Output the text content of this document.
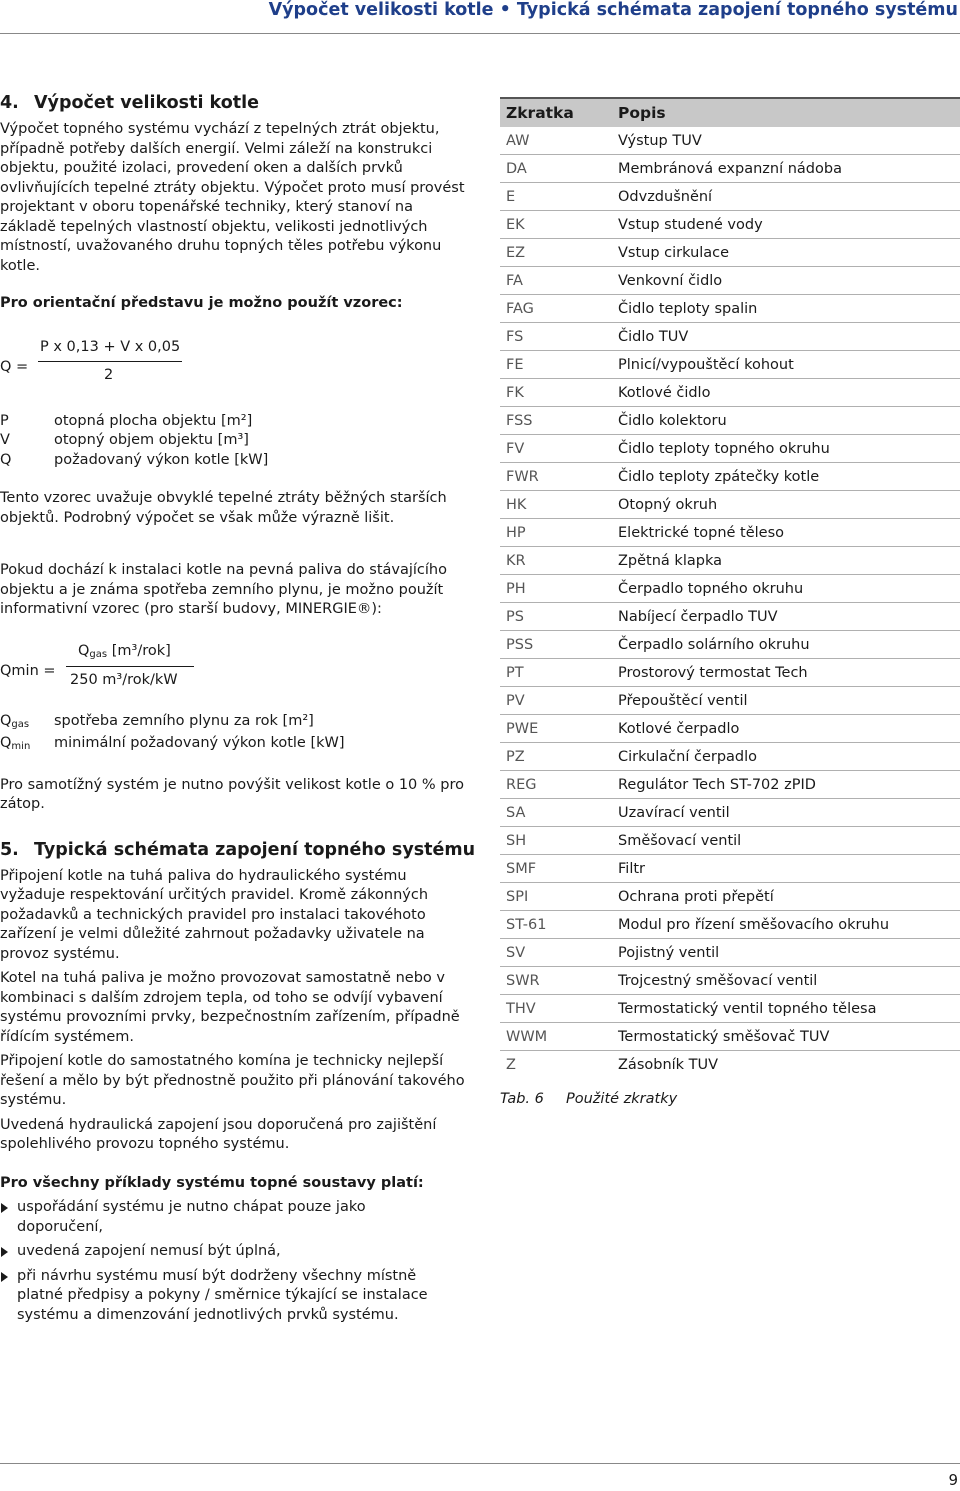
Výpočet velikosti kotle • Typická schémata zapojení topného systému
4. Výpočet velikosti kotle

Výpočet topného systému vychází z tepelných ztrát objektu, případně potřeby dalších energií. Velmi záleží na konstrukci objektu, použité izolaci, provedení oken a dalších prvků ovlivňujících tepelné ztráty objektu. Výpočet proto musí provést projektant v oboru topenářské techniky, který stanoví na základě tepelných vlastností objektu, velikosti jednotlivých místností, uvažovaného druhu topných těles potřebu výkonu kotle.

Pro orientační představu je možno použít vzorec:

Q =
P x 0,13 + V x 0,05
2
P	otopná plocha objektu [m²]
V	otopný objem objektu [m³]
Q	požadovaný výkon kotle [kW]

Tento vzorec uvažuje obvyklé tepelné ztráty běžných starších objektů. Podrobný výpočet se však může výrazně lišit.

Pokud dochází k instalaci kotle na pevná paliva do stávajícího objektu a je známa spotřeba zemního plynu, je možno použít informativní vzorec (pro starší budovy, MINERGIE®):

Qmin =
$Q_{gas}$ [m³/rok]
250 m³/rok/kW
$Q_{gas}$	spotřeba zemního plynu za rok [m²]
$Q_{min}$	minimální požadovaný výkon kotle [kW]

Pro samotížný systém je nutno povýšit velikost kotle o 10 % pro zátop.

5. Typická schémata zapojení topného systému

Připojení kotle na tuhá paliva do hydraulického systému vyžaduje respektování určitých pravidel. Kromě zákonných požadavků a technických pravidel pro instalaci takovéhoto zařízení je velmi důležité zahrnout požadavky uživatele na provoz systému.

Kotel na tuhá paliva je možno provozovat samostatně nebo v kombinaci s dalším zdrojem tepla, od toho se odvíjí vybavení systému provozními prvky, bezpečnostním zařízením, případně řídícím systémem.

Připojení kotle do samostatného komína je technicky nejlepší řešení a mělo by být přednostně použito při plánování takového systému.

Uvedená hydraulická zapojení jsou doporučená pro zajištění spolehlivého provozu topného systému.

Pro všechny příklady systému topné soustavy platí:

uspořádání systému je nutno chápat pouze jako doporučení,
uvedená zapojení nemusí být úplná,
při návrhu systému musí být dodrženy všechny místně platné předpisy a pokyny / směrnice týkající se instalace systému a dimenzování jednotlivých prvků systému.
Zkratka	Popis
AW	Výstup TUV
DA	Membránová expanzní nádoba
E	Odvzdušnění
EK	Vstup studené vody
EZ	Vstup cirkulace
FA	Venkovní čidlo
FAG	Čidlo teploty spalin
FS	Čidlo TUV
FE	Plnicí/vypouštěcí kohout
FK	Kotlové čidlo
FSS	Čidlo kolektoru
FV	Čidlo teploty topného okruhu
FWR	Čidlo teploty zpátečky kotle
HK	Otopný okruh
HP	Elektrické topné těleso
KR	Zpětná klapka
PH	Čerpadlo topného okruhu
PS	Nabíjecí čerpadlo TUV
PSS	Čerpadlo solárního okruhu
PT	Prostorový termostat Tech
PV	Přepouštěcí ventil
PWE	Kotlové čerpadlo
PZ	Cirkulační čerpadlo
REG	Regulátor Tech ST-702 zPID
SA	Uzavírací ventil
SH	Směšovací ventil
SMF	Filtr
SPI	Ochrana proti přepětí
ST-61	Modul pro řízení směšovacího okruhu
SV	Pojistný ventil
SWR	Trojcestný směšovací ventil
THV	Termostatický ventil topného tělesa
WWM	Termostatický směšovač TUV
Z	Zásobník TUV
Tab. 6 Použité zkratky
9
